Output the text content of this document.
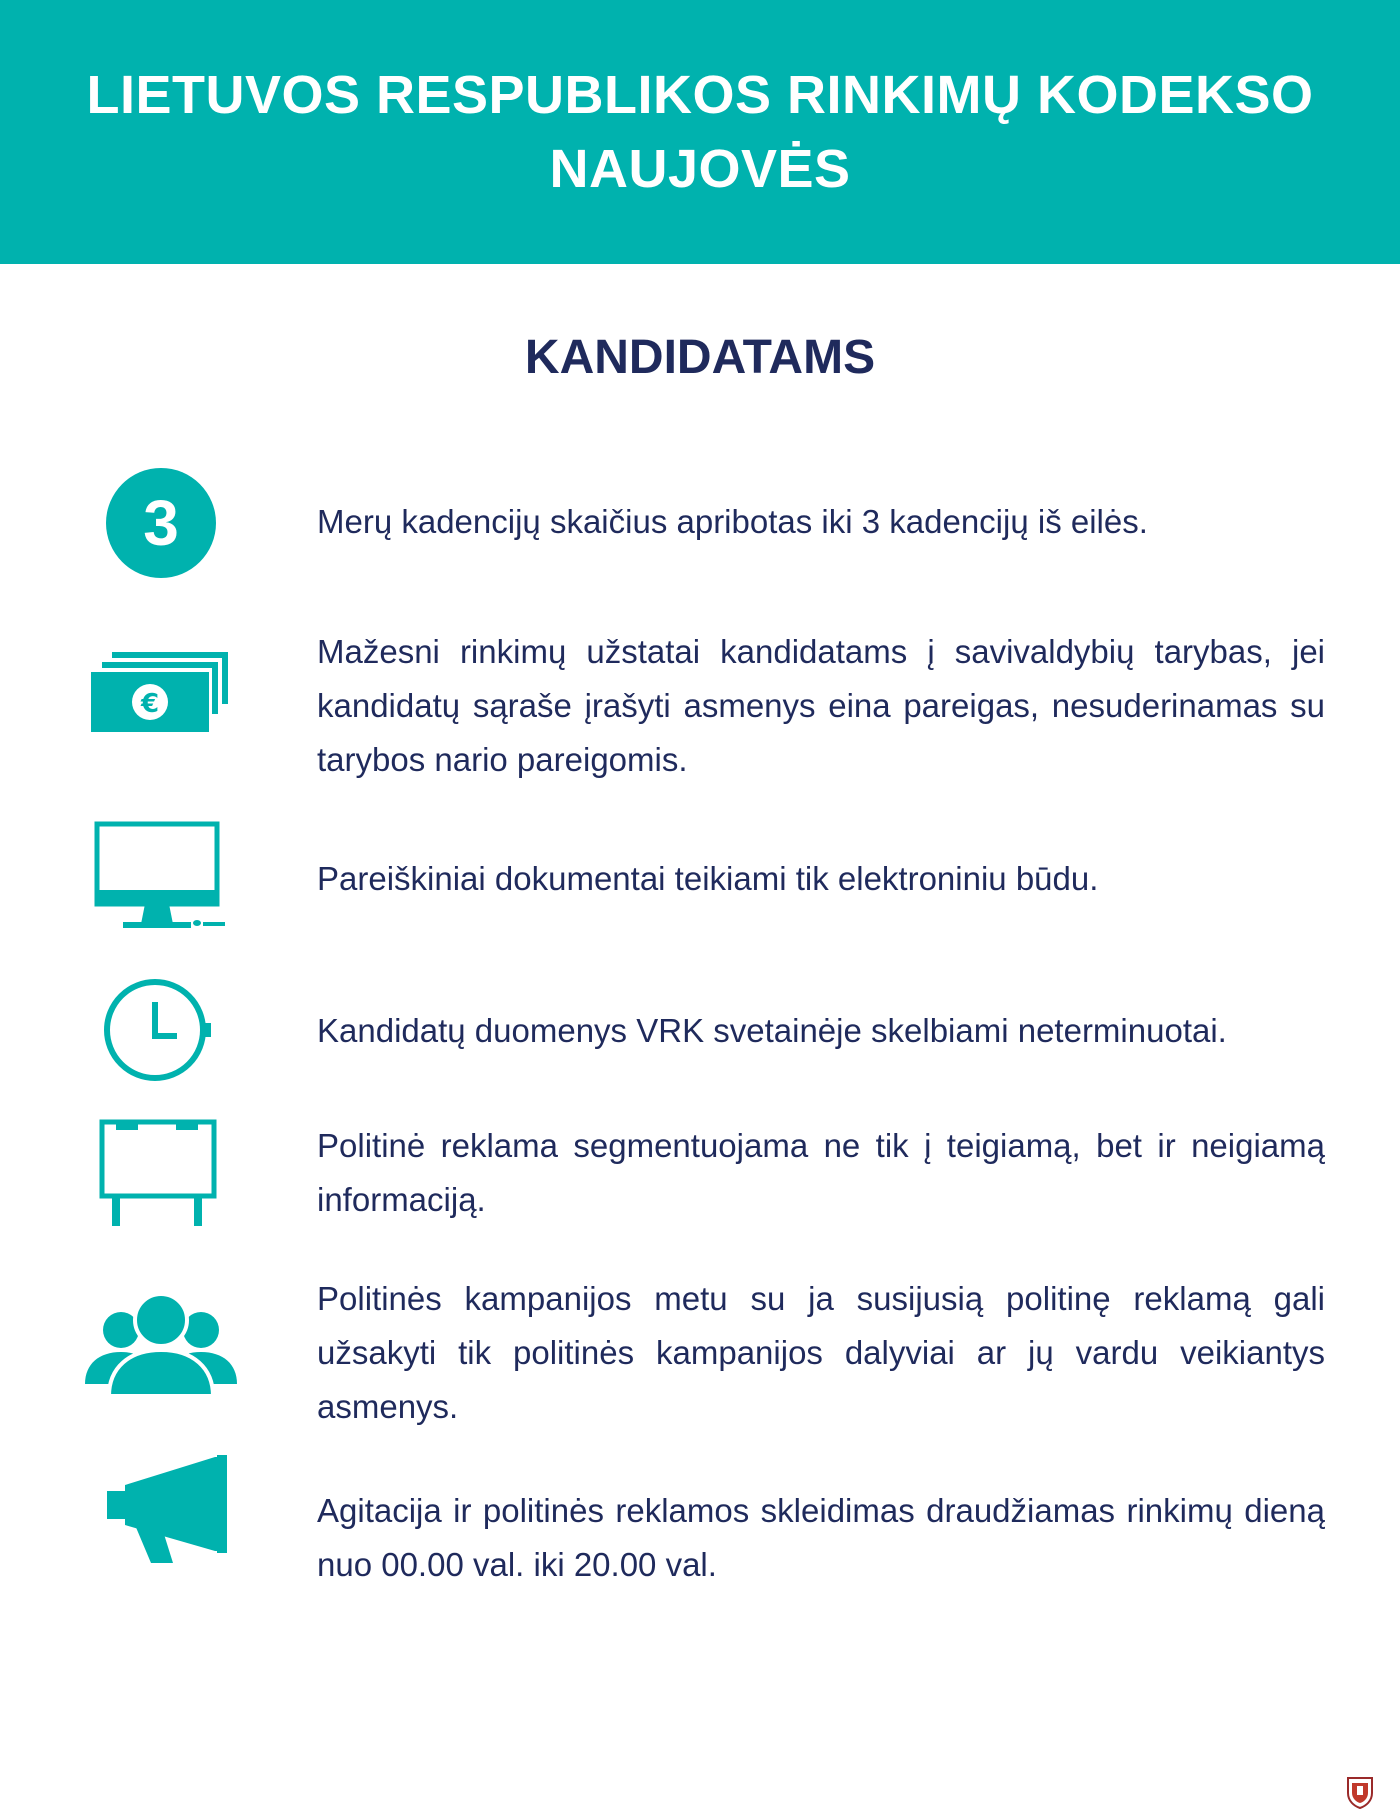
LIETUVOS RESPUBLIKOS RINKIMŲ KODEKSO
NAUJOVĖS
KANDIDATAMS
3	Merų kadencijų skaičius apribotas iki 3 kadencijų iš eilės.
€
Mažesni rinkimų užstatai kandidatams į savivaldybių tarybas, jei kandidatų sąraše įrašyti asmenys eina pareigas, nesuderinamas su tarybos nario pareigomis.
Pareiškiniai dokumentai teikiami tik elektroniniu būdu.
Kandidatų duomenys VRK svetainėje skelbiami neterminuotai.
Politinė reklama segmentuojama ne tik į teigiamą, bet ir neigiamą informaciją.
Politinės kampanijos metu su ja susijusią politinę reklamą gali užsakyti tik politinės kampanijos dalyviai ar jų vardu veikiantys asmenys.
Agitacija ir politinės reklamos skleidimas draudžiamas rinkimų dieną nuo 00.00 val. iki 20.00 val.
